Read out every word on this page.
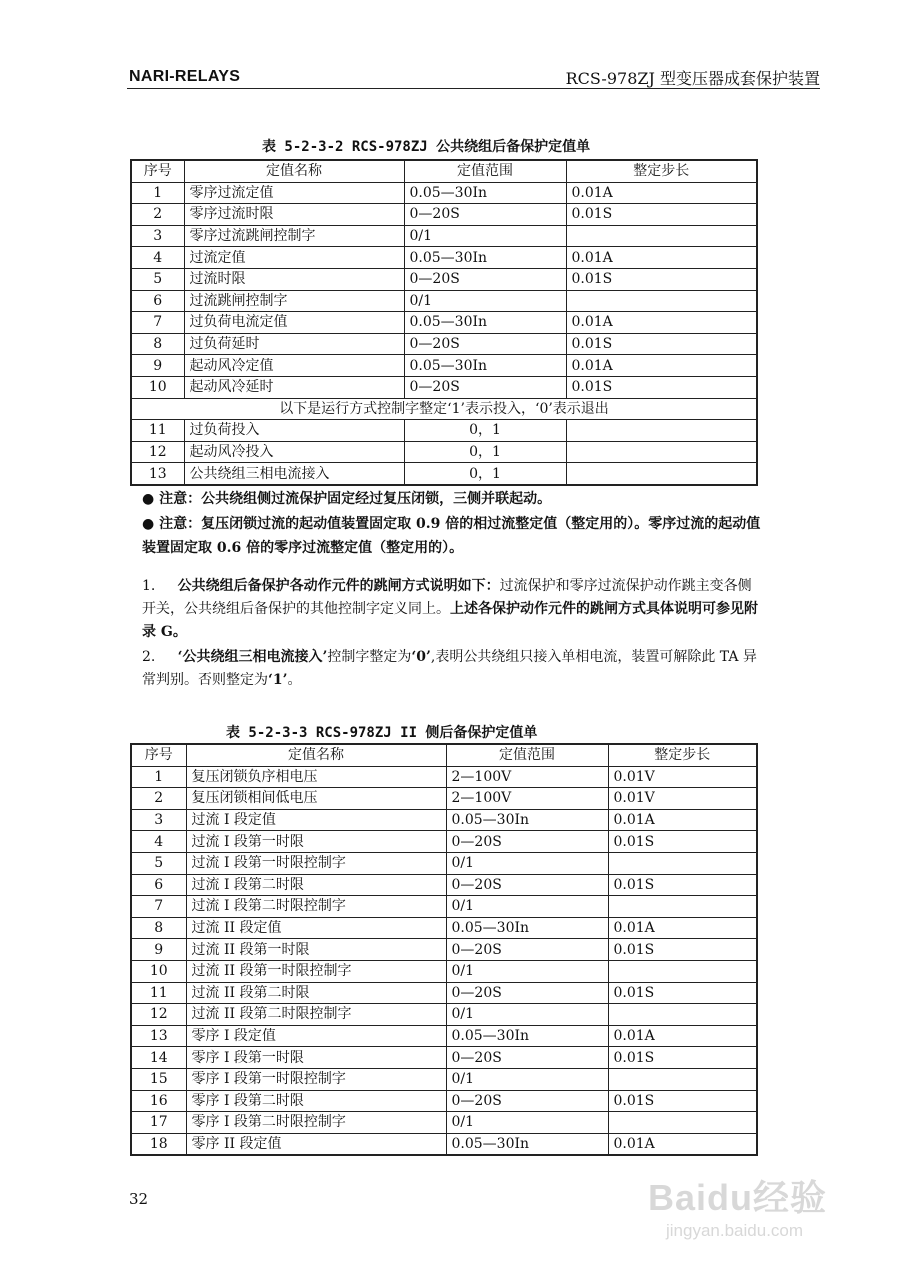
NARI-RELAYS	RCS-978ZJ 型变压器成套保护装置
表 5-2-3-2 RCS-978ZJ 公共绕组后备保护定值单
序号	定值名称	定值范围	整定步长
1	零序过流定值	0.05—30In	0.01A
2	零序过流时限	0—20S	0.01S
3	零序过流跳闸控制字	0/1	
4	过流定值	0.05—30In	0.01A
5	过流时限	0—20S	0.01S
6	过流跳闸控制字	0/1	
7	过负荷电流定值	0.05—30In	0.01A
8	过负荷延时	0—20S	0.01S
9	起动风冷定值	0.05—30In	0.01A
10	起动风冷延时	0—20S	0.01S
以下是运行方式控制字整定‘1’表示投入，‘0’表示退出			
11	过负荷投入	0，1	
12	起动风冷投入	0，1	
13	公共绕组三相电流接入	0，1	
● 注意：公共绕组侧过流保护固定经过复压闭锁，三侧并联起动。
● 注意：复压闭锁过流的起动值装置固定取 0.9 倍的相过流整定值（整定用的）。零序过流的起动值装置固定取 0.6 倍的零序过流整定值（整定用的）。
1. 公共绕组后备保护各动作元件的跳闸方式说明如下：过流保护和零序过流保护动作跳主变各侧开关，公共绕组后备保护的其他控制字定义同上。上述各保护动作元件的跳闸方式具体说明可参见附录 G。
2. ‘公共绕组三相电流接入’控制字整定为‘0’,表明公共绕组只接入单相电流，装置可解除此 TA 异常判别。否则整定为‘1’。
表 5-2-3-3 RCS-978ZJ II 侧后备保护定值单
序号	定值名称	定值范围	整定步长
1	复压闭锁负序相电压	2—100V	0.01V
2	复压闭锁相间低电压	2—100V	0.01V
3	过流 I 段定值	0.05—30In	0.01A
4	过流 I 段第一时限	0—20S	0.01S
5	过流 I 段第一时限控制字	0/1	
6	过流 I 段第二时限	0—20S	0.01S
7	过流 I 段第二时限控制字	0/1	
8	过流 II 段定值	0.05—30In	0.01A
9	过流 II 段第一时限	0—20S	0.01S
10	过流 II 段第一时限控制字	0/1	
11	过流 II 段第二时限	0—20S	0.01S
12	过流 II 段第二时限控制字	0/1	
13	零序 I 段定值	0.05—30In	0.01A
14	零序 I 段第一时限	0—20S	0.01S
15	零序 I 段第一时限控制字	0/1	
16	零序 I 段第二时限	0—20S	0.01S
17	零序 I 段第二时限控制字	0/1	
18	零序 II 段定值	0.05—30In	0.01A
32	Baidu经验
jingyan.baidu.com
